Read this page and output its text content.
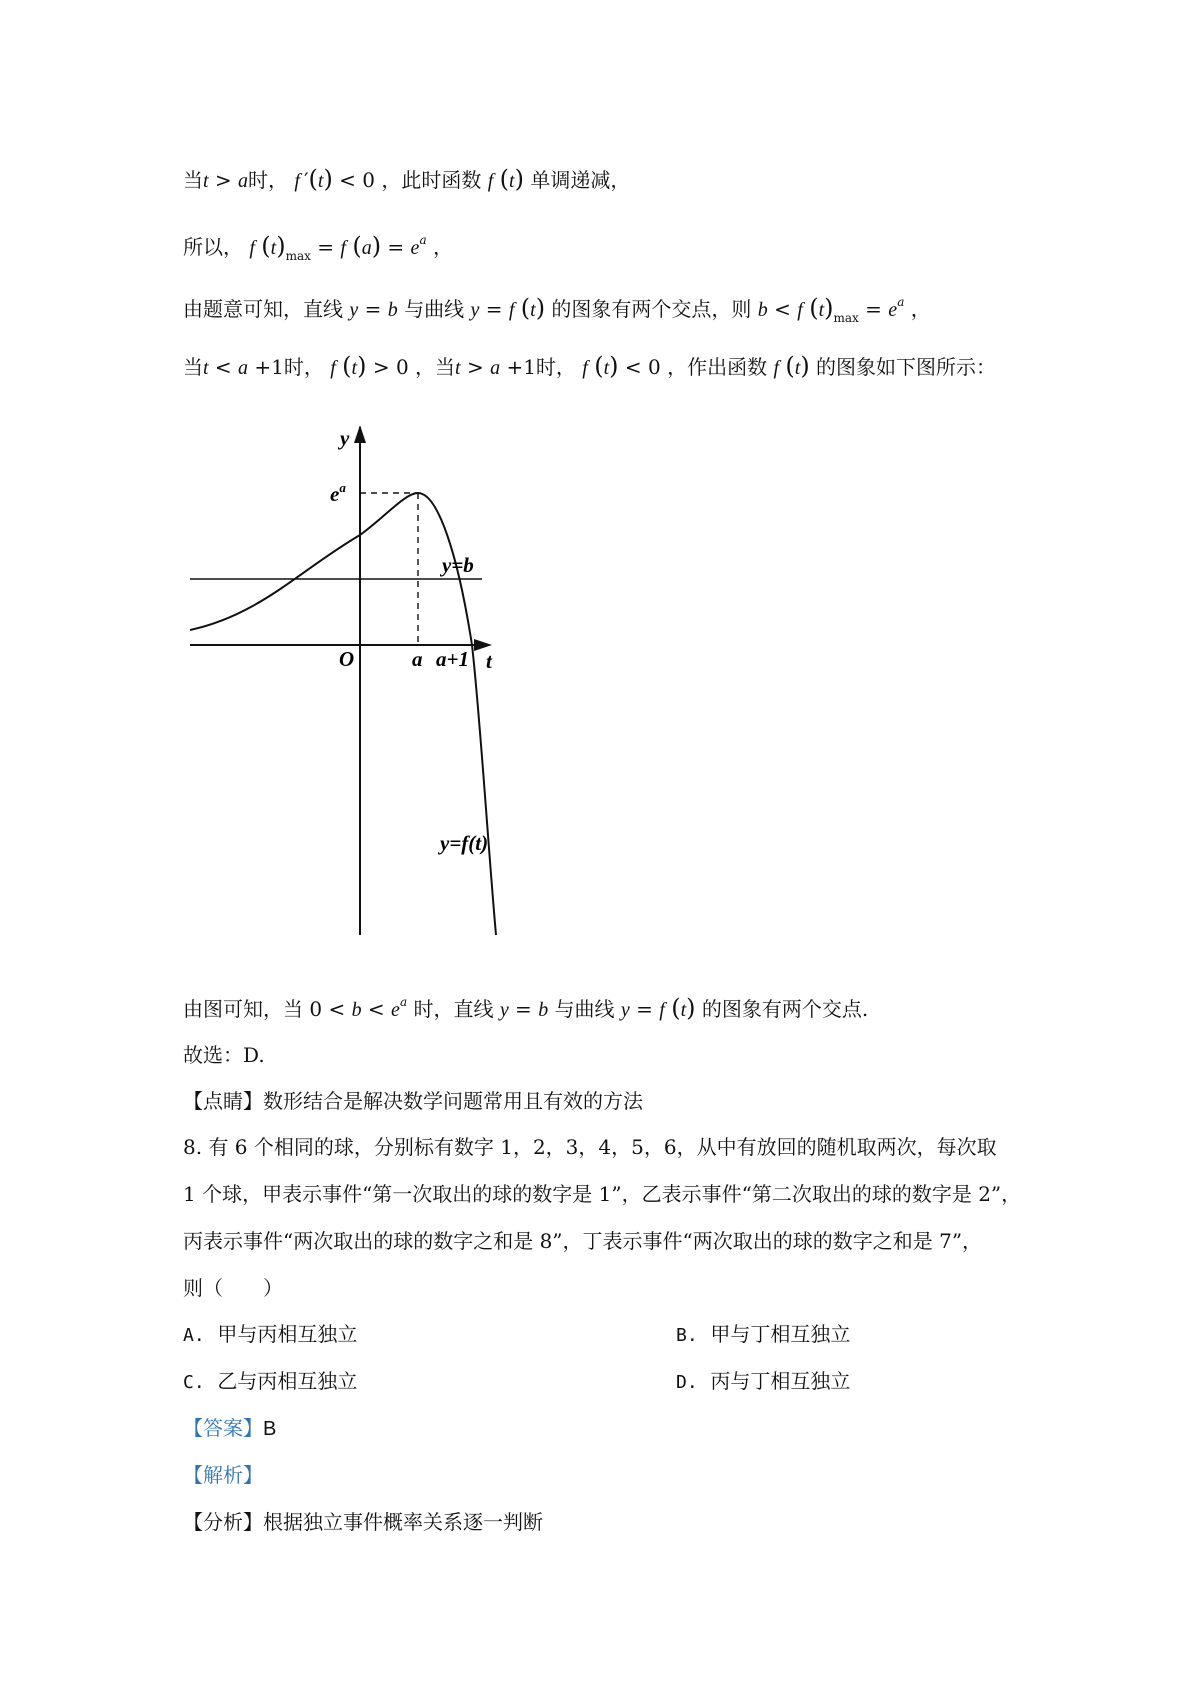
当t > a时， f ′(t) < 0 ，此时函数 f (t) 单调递减，
所以， f $(t)_{max} = f$ $(a) = e^a$ ，
由题意可知，直线 y = b 与曲线 y = f (t) 的图象有两个交点，则 b < f $(t)_{max} = e^a$ ，
当t < a +1时， f (t) > 0 ，当t > a +1时， f (t) < 0 ，作出函数 f (t) 的图象如下图所示：
y
$e^a$
y=b
O	a a+1 t
y=f(t)
由图可知，当 $0 < b < e^a$ 时，直线 y = b 与曲线 y = f (t) 的图象有两个交点.
故选：D.
【点睛】数形结合是解决数学问题常用且有效的方法
8. 有 6 个相同的球，分别标有数字 1，2，3，4，5，6，从中有放回的随机取两次，每次取
1 个球，甲表示事件“第一次取出的球的数字是 1”，乙表示事件“第二次取出的球的数字是 2”，
丙表示事件“两次取出的球的数字之和是 8”，丁表示事件“两次取出的球的数字之和是 7”，
则（　　）
A. 甲与丙相互独立	B. 甲与丁相互独立
C. 乙与丙相互独立	D. 丙与丁相互独立
【答案】B
【解析】
【分析】根据独立事件概率关系逐一判断
